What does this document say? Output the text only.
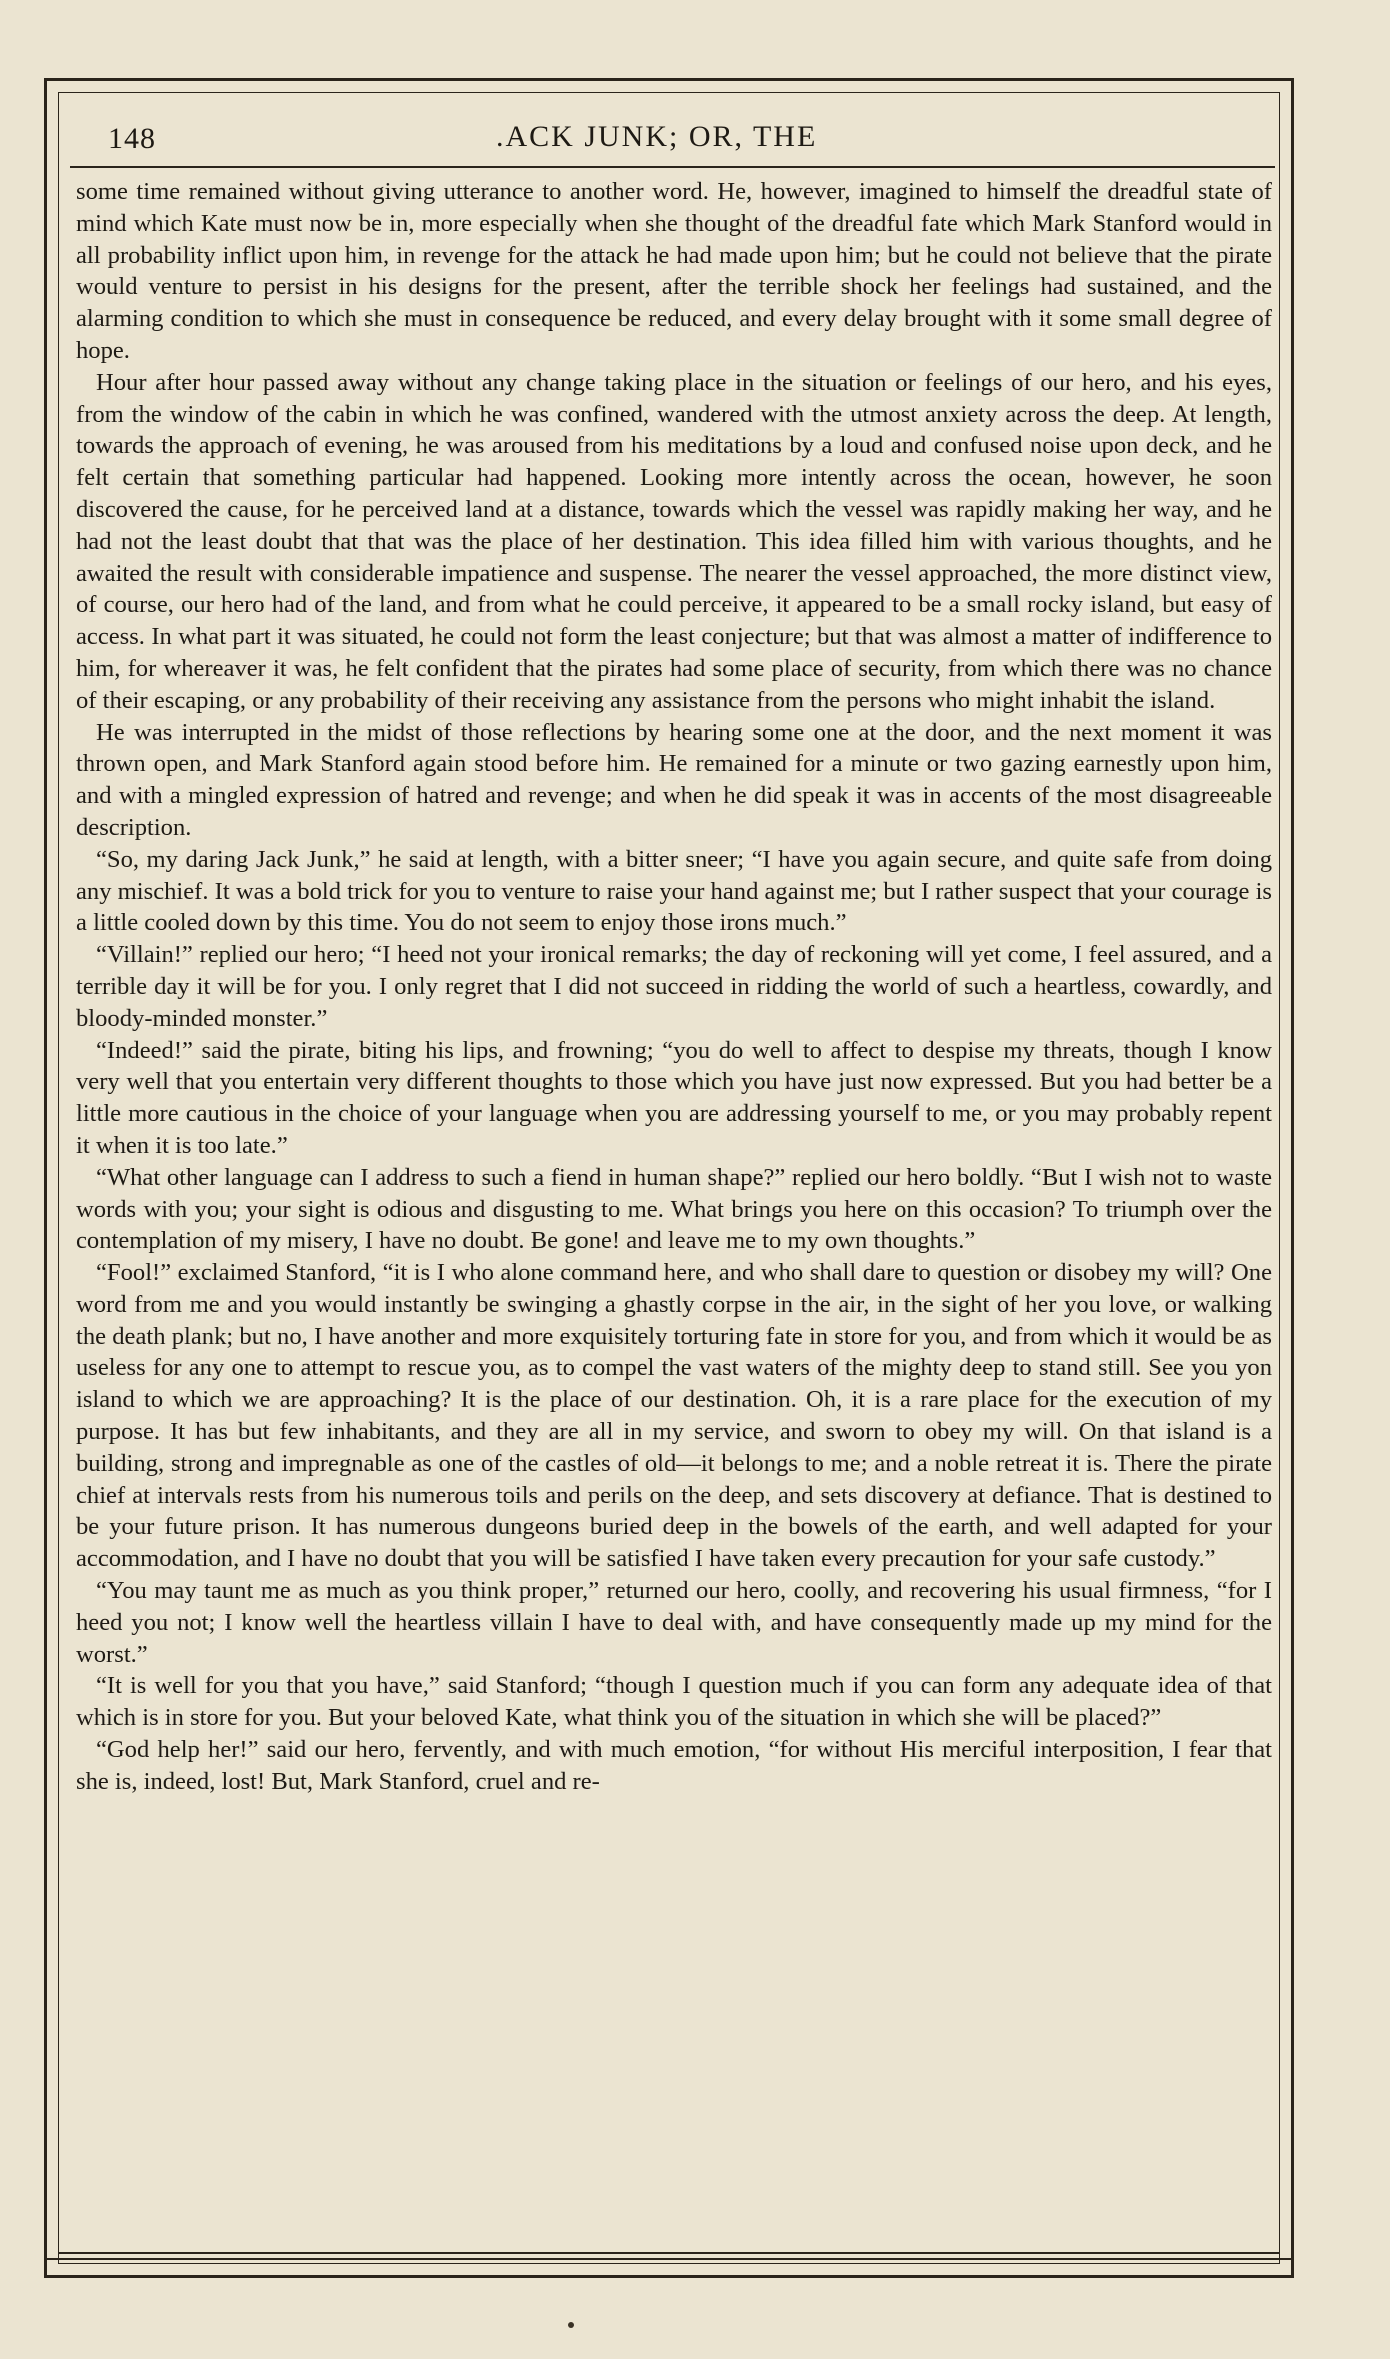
148	.ACK JUNK; OR, THE

some time remained without giving utterance to another word. He, however, imagined to himself the dreadful state of mind which Kate must now be in, more especially when she thought of the dreadful fate which Mark Stanford would in all probability inflict upon him, in revenge for the attack he had made upon him; but he could not believe that the pirate would venture to persist in his designs for the present, after the terrible shock her feelings had sustained, and the alarming condition to which she must in consequence be reduced, and every delay brought with it some small degree of hope.

Hour after hour passed away without any change taking place in the situation or feelings of our hero, and his eyes, from the window of the cabin in which he was confined, wandered with the utmost anxiety across the deep. At length, towards the approach of evening, he was aroused from his meditations by a loud and confused noise upon deck, and he felt certain that something particular had happened. Looking more intently across the ocean, however, he soon discovered the cause, for he perceived land at a distance, towards which the vessel was rapidly making her way, and he had not the least doubt that that was the place of her destination. This idea filled him with various thoughts, and he awaited the result with considerable impatience and suspense. The nearer the vessel approached, the more distinct view, of course, our hero had of the land, and from what he could perceive, it appeared to be a small rocky island, but easy of access. In what part it was situated, he could not form the least conjecture; but that was almost a matter of indifference to him, for whereaver it was, he felt confident that the pirates had some place of security, from which there was no chance of their escaping, or any probability of their receiving any assistance from the persons who might inhabit the island.

He was interrupted in the midst of those reflections by hearing some one at the door, and the next moment it was thrown open, and Mark Stanford again stood before him. He remained for a minute or two gazing earnestly upon him, and with a mingled expression of hatred and revenge; and when he did speak it was in accents of the most disagreeable description.

“So, my daring Jack Junk,” he said at length, with a bitter sneer; “I have you again secure, and quite safe from doing any mischief. It was a bold trick for you to venture to raise your hand against me; but I rather suspect that your courage is a little cooled down by this time. You do not seem to enjoy those irons much.”

“Villain!” replied our hero; “I heed not your ironical remarks; the day of reckoning will yet come, I feel assured, and a terrible day it will be for you. I only regret that I did not succeed in ridding the world of such a heartless, cowardly, and bloody-minded monster.”

“Indeed!” said the pirate, biting his lips, and frowning; “you do well to affect to despise my threats, though I know very well that you entertain very different thoughts to those which you have just now expressed. But you had better be a little more cautious in the choice of your language when you are addressing yourself to me, or you may probably repent it when it is too late.”

“What other language can I address to such a fiend in human shape?” replied our hero boldly. “But I wish not to waste words with you; your sight is odious and disgusting to me. What brings you here on this occasion? To triumph over the contemplation of my misery, I have no doubt. Be gone! and leave me to my own thoughts.”

“Fool!” exclaimed Stanford, “it is I who alone command here, and who shall dare to question or disobey my will? One word from me and you would instantly be swinging a ghastly corpse in the air, in the sight of her you love, or walking the death plank; but no, I have another and more exquisitely torturing fate in store for you, and from which it would be as useless for any one to attempt to rescue you, as to compel the vast waters of the mighty deep to stand still. See you yon island to which we are approaching? It is the place of our destination. Oh, it is a rare place for the execution of my purpose. It has but few inhabitants, and they are all in my service, and sworn to obey my will. On that island is a building, strong and impregnable as one of the castles of old—it belongs to me; and a noble retreat it is. There the pirate chief at intervals rests from his numerous toils and perils on the deep, and sets discovery at defiance. That is destined to be your future prison. It has numerous dungeons buried deep in the bowels of the earth, and well adapted for your accommodation, and I have no doubt that you will be satisfied I have taken every precaution for your safe custody.”

“You may taunt me as much as you think proper,” returned our hero, coolly, and recovering his usual firmness, “for I heed you not; I know well the heartless villain I have to deal with, and have consequently made up my mind for the worst.”

“It is well for you that you have,” said Stanford; “though I question much if you can form any adequate idea of that which is in store for you. But your beloved Kate, what think you of the situation in which she will be placed?”

“God help her!” said our hero, fervently, and with much emotion, “for without His merciful interposition, I fear that she is, indeed, lost! But, Mark Stanford, cruel and re-
